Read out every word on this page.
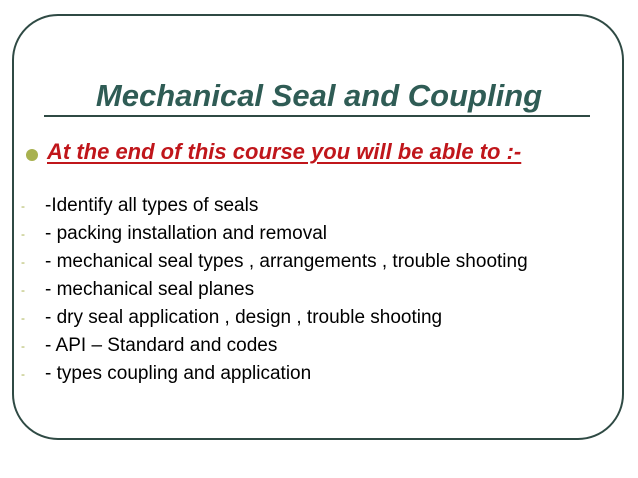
Mechanical Seal and Coupling
At the end of this course you will be able to :-
- -Identify all types of seals
- - packing installation and removal
- - mechanical seal types , arrangements , trouble shooting
- - mechanical seal planes
- - dry seal application , design , trouble shooting
- - API – Standard and codes
- - types coupling and application
